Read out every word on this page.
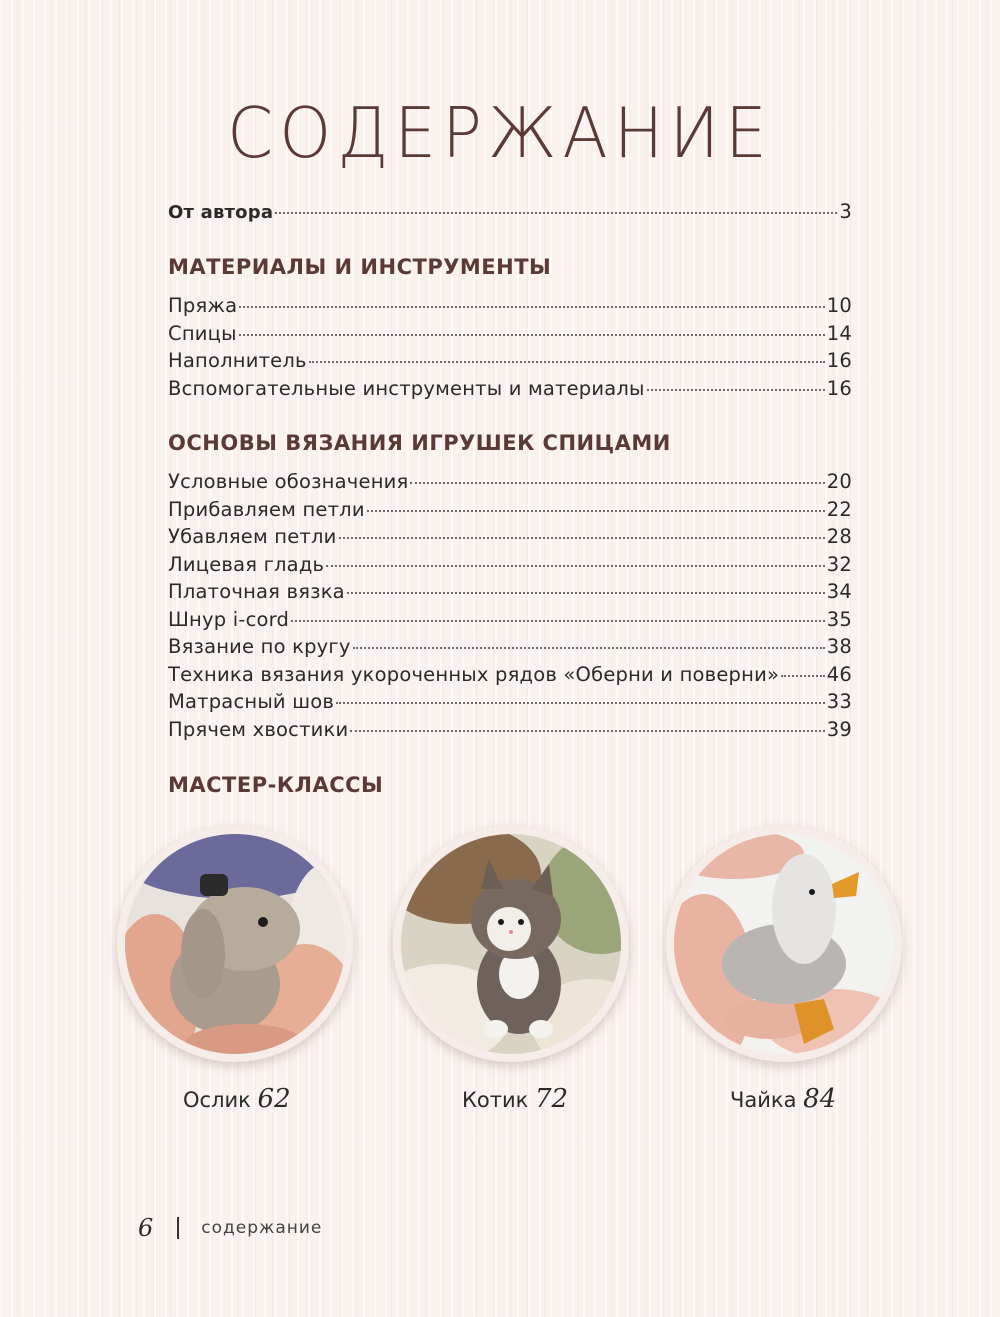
СОДЕРЖАНИЕ
От автора	3
МАТЕРИАЛЫ И ИНСТРУМЕНТЫ
Пряжа	10
Спицы	14
Наполнитель	16
Вспомогательные инструменты и материалы	16
ОСНОВЫ ВЯЗАНИЯ ИГРУШЕК СПИЦАМИ
Условные обозначения	20
Прибавляем петли	22
Убавляем петли	28
Лицевая гладь	32
Платочная вязка	34
Шнур i-cord	35
Вязание по кругу	38
Техника вязания укороченных рядов «Оберни и поверни» 46
Матрасный шов	33
Прячем хвостики	39
МАСТЕР-КЛАССЫ
Ослик 62	Котик 72	Чайка 84
6	содержание
